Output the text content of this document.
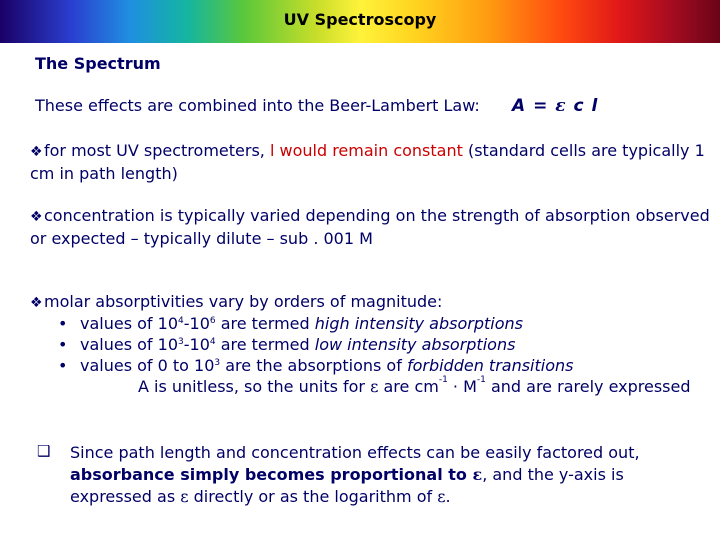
UV Spectroscopy
The Spectrum
These effects are combined into the Beer-Lambert Law: A = ε c l
❖for most UV spectrometers, l would remain constant (standard cells are typically 1 cm in path length)
❖concentration is typically varied depending on the strength of absorption observed or expected – typically dilute – sub . 001 M
❖molar absorptivities vary by orders of magnitude:
• values of $10^4-10^6$ are termed high intensity absorptions
• values of $10^3-10^4$ are termed low intensity absorptions
• values of 0 to $10^3$ are the absorptions of forbidden transitions
A is unitless, so the units for ε are $cm^{-1} \cdot M^{-1}$ and are rarely expressed
❑ Since path length and concentration effects can be easily factored out, absorbance simply becomes proportional to ε, and the y-axis is expressed as ε directly or as the logarithm of ε.
